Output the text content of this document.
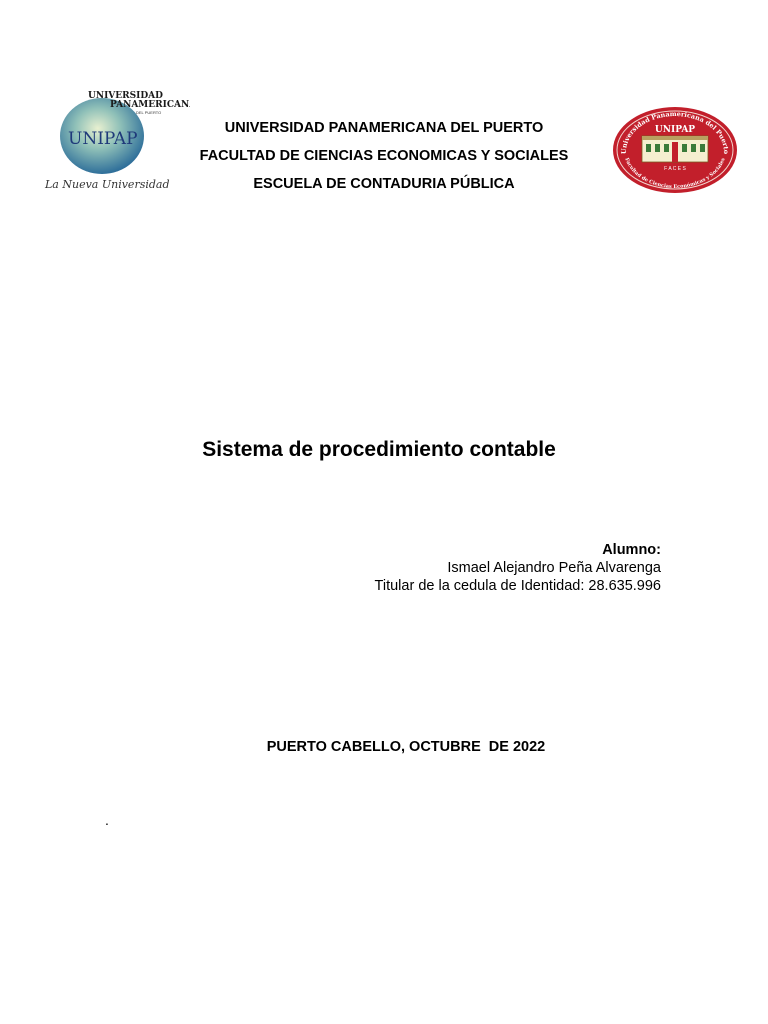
UNIVERSIDAD
PANAMERICANA
DEL PUERTO
UNIPAP
La Nueva Universidad
UNIVERSIDAD PANAMERICANA DEL PUERTO
FACULTAD DE CIENCIAS ECONOMICAS Y SOCIALES
ESCUELA DE CONTADURIA PÚBLICA
Universidad Panamericana del Puerto
Facultad de Ciencias Económicas y Sociales
UNIPAP
F A C E S
Sistema de procedimiento contable
Alumno:
Ismael Alejandro Peña Alvarenga
Titular de la cedula de Identidad: 28.635.996
PUERTO CABELLO, OCTUBRE  DE 2022
.
